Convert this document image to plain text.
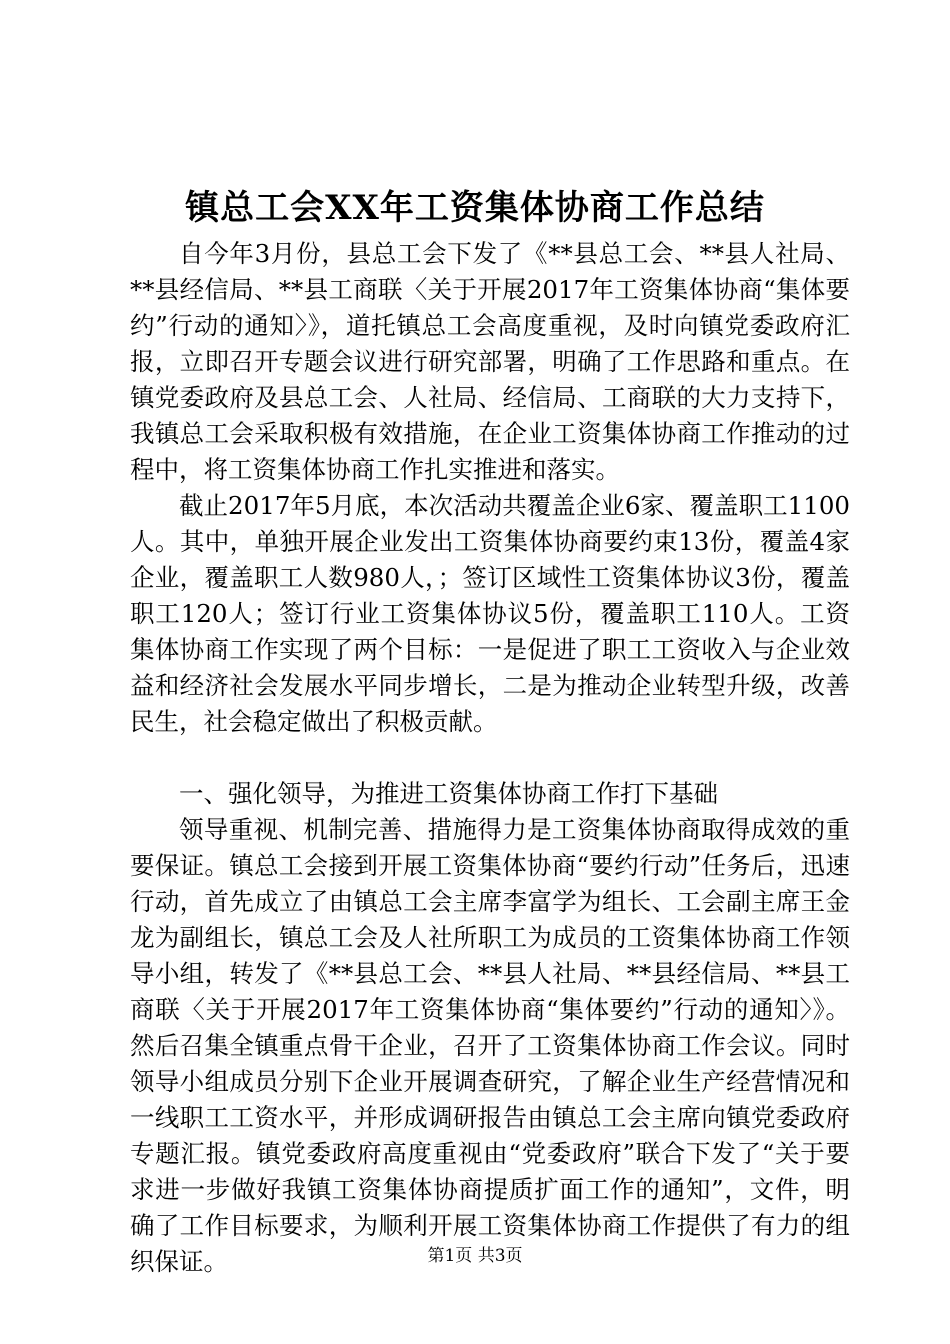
镇总工会XX年工资集体协商工作总结

自今年3月份，县总工会下发了《**县总工会、**县人社局、**县经信局、**县工商联〈关于开展2017年工资集体协商“集体要约”行动的通知〉》，道托镇总工会高度重视，及时向镇党委政府汇报，立即召开专题会议进行研究部署，明确了工作思路和重点。在镇党委政府及县总工会、人社局、经信局、工商联的大力支持下，我镇总工会采取积极有效措施，在企业工资集体协商工作推动的过程中，将工资集体协商工作扎实推进和落实。

截止2017年5月底，本次活动共覆盖企业6家、覆盖职工1100人。其中，单独开展企业发出工资集体协商要约束13份，覆盖4家企业，覆盖职工人数980人，；签订区域性工资集体协议3份，覆盖职工120人；签订行业工资集体协议5份，覆盖职工110人。工资集体协商工作实现了两个目标：一是促进了职工工资收入与企业效益和经济社会发展水平同步增长，二是为推动企业转型升级，改善民生，社会稳定做出了积极贡献。

一、强化领导，为推进工资集体协商工作打下基础

领导重视、机制完善、措施得力是工资集体协商取得成效的重要保证。镇总工会接到开展工资集体协商“要约行动”任务后，迅速行动，首先成立了由镇总工会主席李富学为组长、工会副主席王金龙为副组长，镇总工会及人社所职工为成员的工资集体协商工作领导小组，转发了《**县总工会、**县人社局、**县经信局、**县工商联〈关于开展2017年工资集体协商“集体要约”行动的通知〉》。然后召集全镇重点骨干企业，召开了工资集体协商工作会议。同时领导小组成员分别下企业开展调查研究，了解企业生产经营情况和一线职工工资水平，并形成调研报告由镇总工会主席向镇党委政府专题汇报。镇党委政府高度重视由“党委政府”联合下发了“关于要求进一步做好我镇工资集体协商提质扩面工作的通知”，文件，明确了工作目标要求，为顺利开展工资集体协商工作提供了有力的组织保证。	第1页 共3页
